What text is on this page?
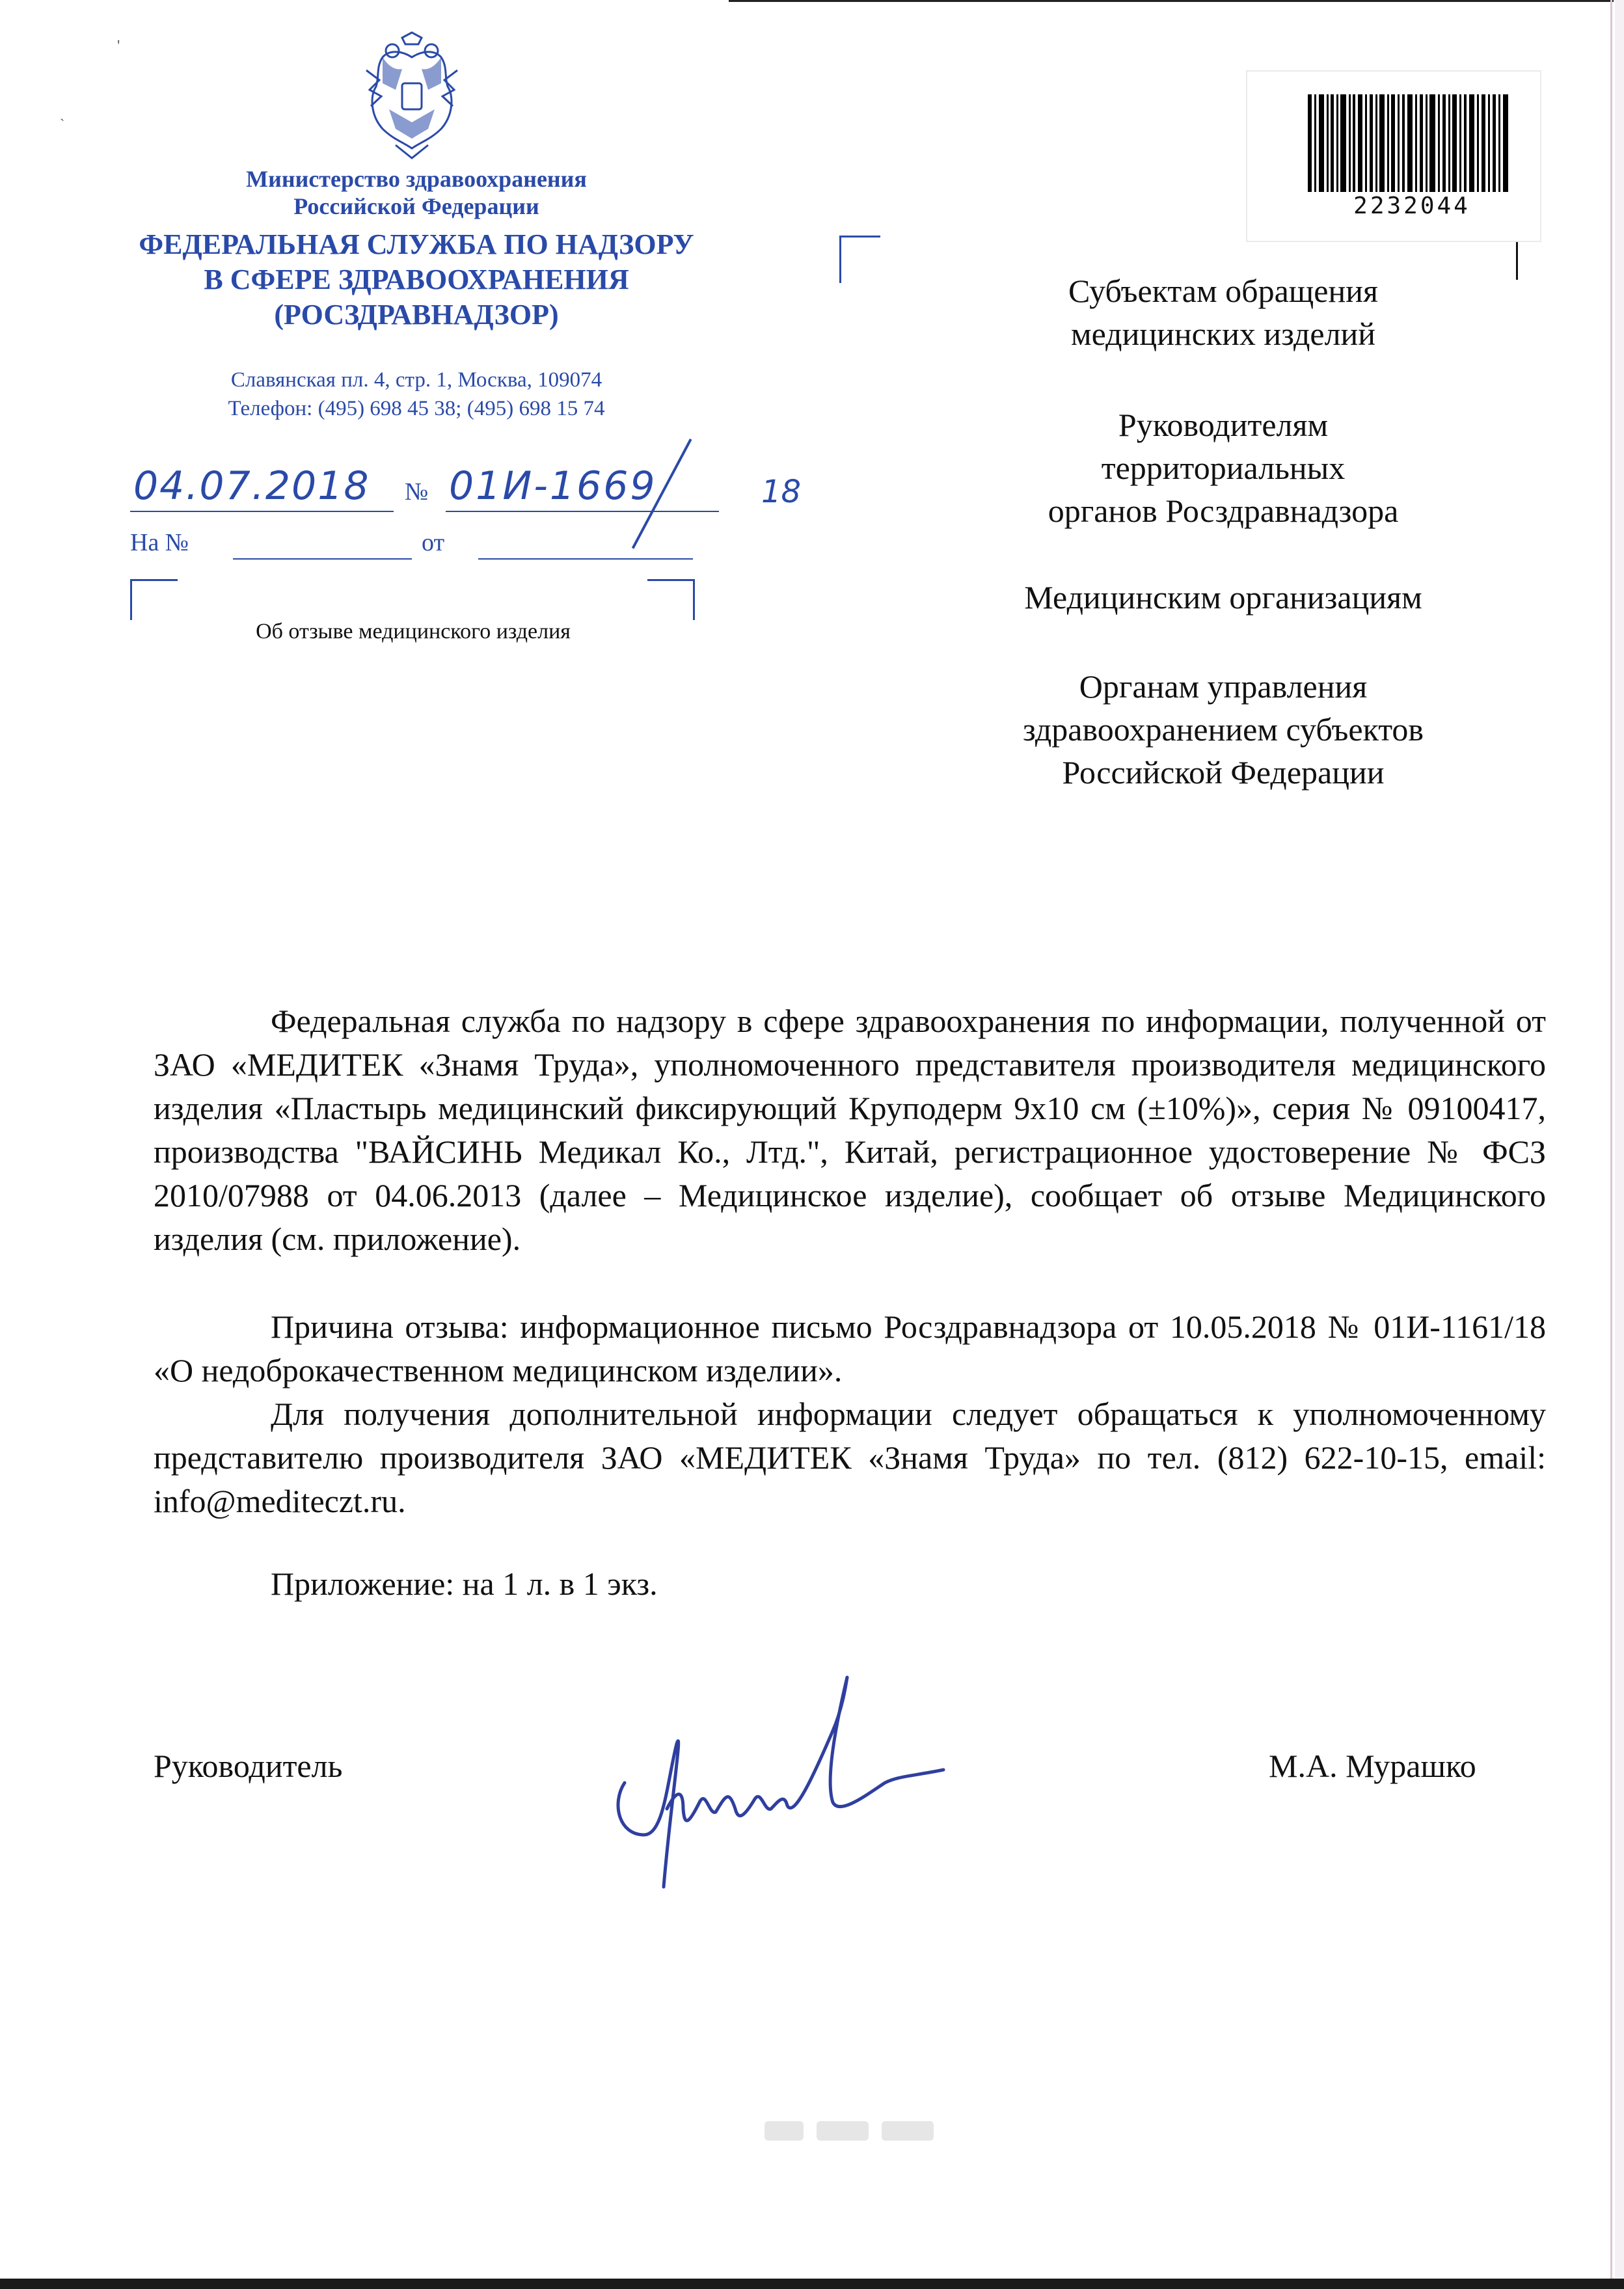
'
`
Министерство здравоохранения
Российской Федерации
ФЕДЕРАЛЬНАЯ СЛУЖБА ПО НАДЗОРУ
В СФЕРЕ ЗДРАВООХРАНЕНИЯ
(РОСЗДРАВНАДЗОР)
Славянская пл. 4, стр. 1, Москва, 109074
Телефон: (495) 698 45 38; (495) 698 15 74
04.07.2018 № 01И-1669	18
На №	от
Об отзыве медицинского изделия
2232044
Субъектам обращения
медицинских изделий
Руководителям
территориальных
органов Росздравнадзора
Медицинским организациям
Органам управления
здравоохранением субъектов
Российской Федерации

Федеральная служба по надзору в сфере здравоохранения по информации, полученной от ЗАО «МЕДИТЕК «Знамя Труда», уполномоченного представителя производителя медицинского изделия «Пластырь медицинский фиксирующий Круподерм 9х10 см (±10%)», серия № 09100417, производства "ВАЙСИНЬ Медикал Ко., Лтд.", Китай, регистрационное удостоверение № ФСЗ 2010/07988 от 04.06.2013 (далее – Медицинское изделие), сообщает об отзыве Медицинского изделия (см. приложение).

Причина отзыва: информационное письмо Росздравнадзора от 10.05.2018 № 01И-1161/18 «О недоброкачественном медицинском изделии».

Для получения дополнительной информации следует обращаться к уполномоченному представителю производителя ЗАО «МЕДИТЕК «Знамя Труда» по тел. (812) 622-10-15, email: info@mediteczt.ru.

Приложение: на 1 л. в 1 экз.
Руководитель	М.А. Мурашко
